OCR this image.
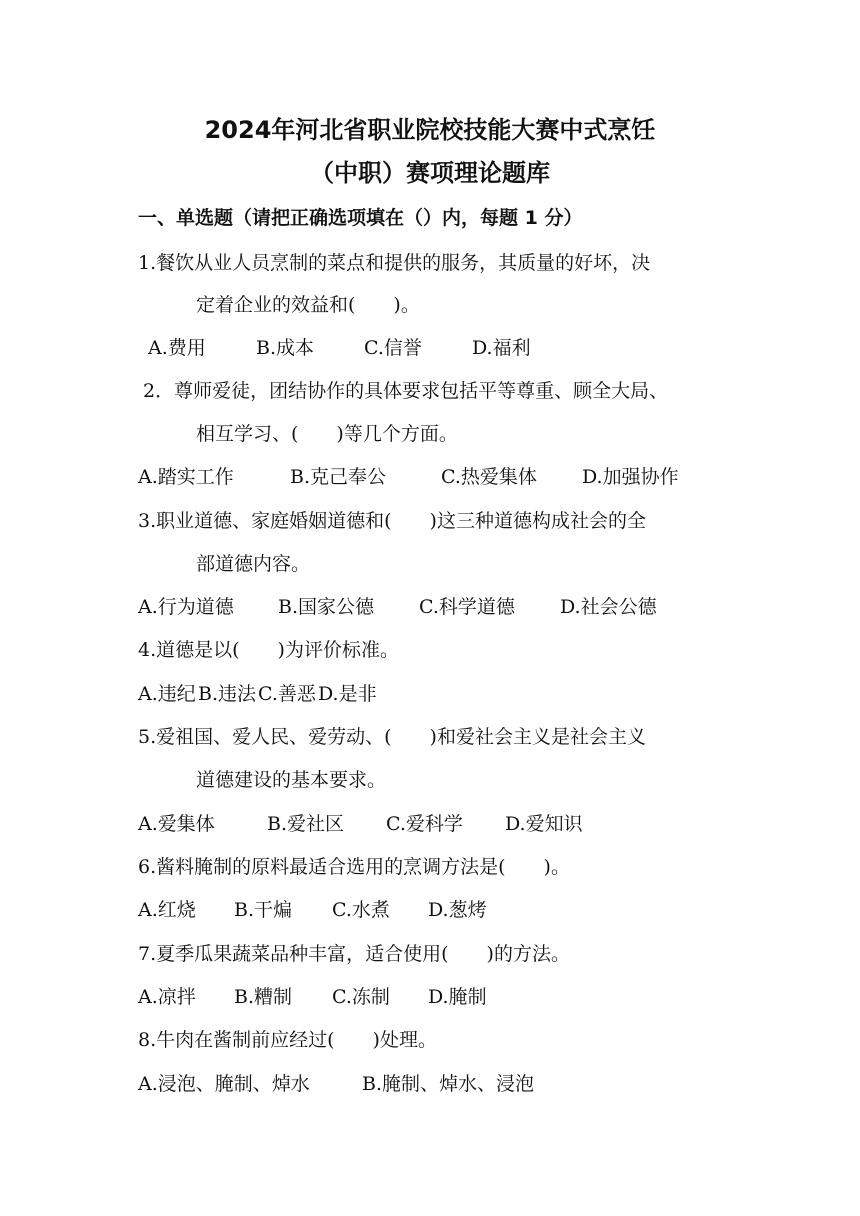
2024年河北省职业院校技能大赛中式烹饪
（中职）赛项理论题库
一、单选题（请把正确选项填在（）内，每题 1 分）
1.餐饮从业人员烹制的菜点和提供的服务，其质量的好坏，决
定着企业的效益和(　　)。
A.费用	B.成本	C.信誉	D.福利
2．尊师爱徒，团结协作的具体要求包括平等尊重、顾全大局、
相互学习、(　　)等几个方面。
A.踏实工作	B.克己奉公	C.热爱集体 D.加强协作
3.职业道德、家庭婚姻道德和(　　)这三种道德构成社会的全
部道德内容。
A.行为道德 B.国家公德 C.科学道德 D.社会公德
4.道德是以(　　)为评价标准。
A.违纪 B.违法 C.善恶 D.是非
5.爱祖国、爱人民、爱劳动、(　　)和爱社会主义是社会主义
道德建设的基本要求。
A.爱集体	B.爱社区 C.爱科学 D.爱知识
6.酱料腌制的原料最适合选用的烹调方法是(　　)。
A.红烧 B.干煸 C.水煮 D.葱烤
7.夏季瓜果蔬菜品种丰富，适合使用(　　)的方法。
A.凉拌 B.糟制 C.冻制 D.腌制
8.牛肉在酱制前应经过(　　)处理。
A.浸泡、腌制、焯水	B.腌制、焯水、浸泡
